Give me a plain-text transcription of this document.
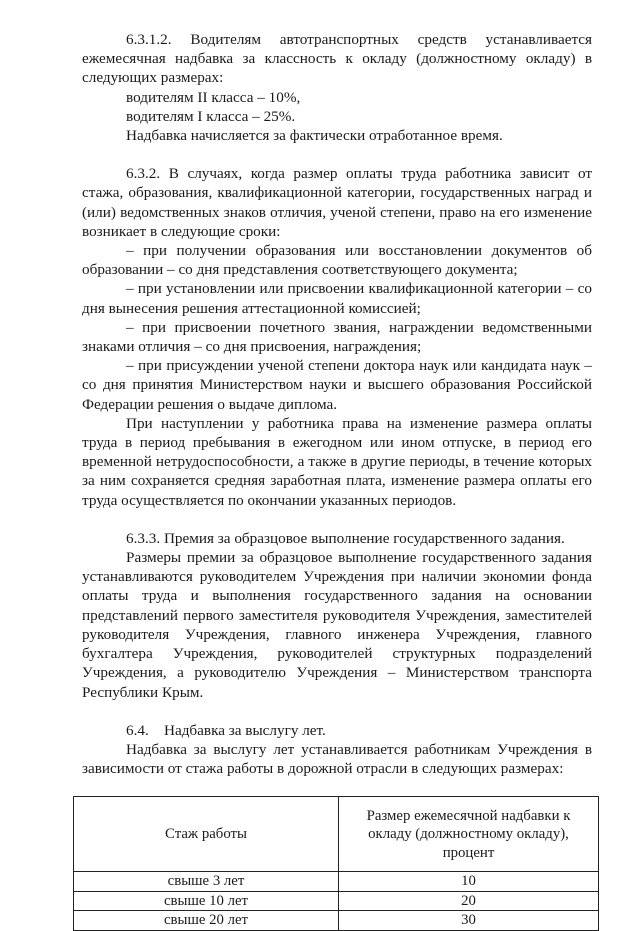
6.3.1.2. Водителям автотранспортных средств устанавливается ежемесячная надбавка за классность к окладу (должностному окладу) в следующих размерах:

водителям II класса – 10%,

водителям I класса – 25%.

Надбавка начисляется за фактически отработанное время.

6.3.2. В случаях, когда размер оплаты труда работника зависит от стажа, образования, квалификационной категории, государственных наград и (или) ведомственных знаков отличия, ученой степени, право на его изменение возникает в следующие сроки:

– при получении образования или восстановлении документов об образовании – со дня представления соответствующего документа;

– при установлении или присвоении квалификационной категории – со дня вынесения решения аттестационной комиссией;

– при присвоении почетного звания, награждении ведомственными знаками отличия – со дня присвоения, награждения;

– при присуждении ученой степени доктора наук или кандидата наук – со дня принятия Министерством науки и высшего образования Российской Федерации решения о выдаче диплома.

При наступлении у работника права на изменение размера оплаты труда в период пребывания в ежегодном или ином отпуске, в период его временной нетрудоспособности, а также в другие периоды, в течение которых за ним сохраняется средняя заработная плата, изменение размера оплаты его труда осуществляется по окончании указанных периодов.

6.3.3. Премия за образцовое выполнение государственного задания.

Размеры премии за образцовое выполнение государственного задания устанавливаются руководителем Учреждения при наличии экономии фонда оплаты труда и выполнения государственного задания на основании представлений первого заместителя руководителя Учреждения, заместителей руководителя Учреждения, главного инженера Учреждения, главного бухгалтера Учреждения, руководителей структурных подразделений Учреждения, а руководителю Учреждения – Министерством транспорта Республики Крым.

6.4. Надбавка за выслугу лет.

Надбавка за выслугу лет устанавливается работникам Учреждения в зависимости от стажа работы в дорожной отрасли в следующих размерах:

Стаж работы	Размер ежемесячной надбавки к окладу (должностному окладу), процент
свыше 3 лет	10
свыше 10 лет	20
свыше 20 лет	30
